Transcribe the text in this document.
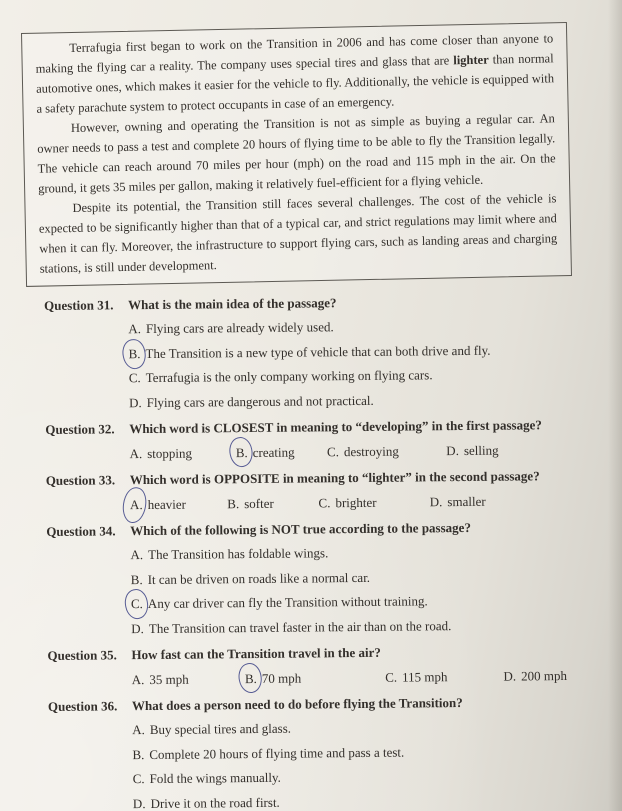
Terrafugia first began to work on the Transition in 2006 and has come closer than anyone to making the flying car a reality. The company uses special tires and glass that are lighter than normal automotive ones, which makes it easier for the vehicle to fly. Additionally, the vehicle is equipped with a safety parachute system to protect occupants in case of an emergency.

However, owning and operating the Transition is not as simple as buying a regular car. An owner needs to pass a test and complete 20 hours of flying time to be able to fly the Transition legally. The vehicle can reach around 70 miles per hour (mph) on the road and 115 mph in the air. On the ground, it gets 35 miles per gallon, making it relatively fuel-efficient for a flying vehicle.

Despite its potential, the Transition still faces several challenges. The cost of the vehicle is expected to be significantly higher than that of a typical car, and strict regulations may limit where and when it can fly. Moreover, the infrastructure to support flying cars, such as landing areas and charging stations, is still under development.

Question 31.	What is the main idea of the passage?
A. Flying cars are already widely used.
B. The Transition is a new type of vehicle that can both drive and fly.
C. Terrafugia is the only company working on flying cars.
D. Flying cars are dangerous and not practical.
Question 32.	Which word is CLOSEST in meaning to “developing” in the first passage?
A. stopping	B. creating C. destroying	D. selling
Question 33.	Which word is OPPOSITE in meaning to “lighter” in the second passage?
A. heavier	B. softer	C. brighter	D. smaller
Question 34.	Which of the following is NOT true according to the passage?
A. The Transition has foldable wings.
B. It can be driven on roads like a normal car.
C. Any car driver can fly the Transition without training.
D. The Transition can travel faster in the air than on the road.
Question 35.	How fast can the Transition travel in the air?
A. 35 mph	B. 70 mph	C. 115 mph	D. 200 mph
Question 36.	What does a person need to do before flying the Transition?
A. Buy special tires and glass.
B. Complete 20 hours of flying time and pass a test.
C. Fold the wings manually.
D. Drive it on the road first.
